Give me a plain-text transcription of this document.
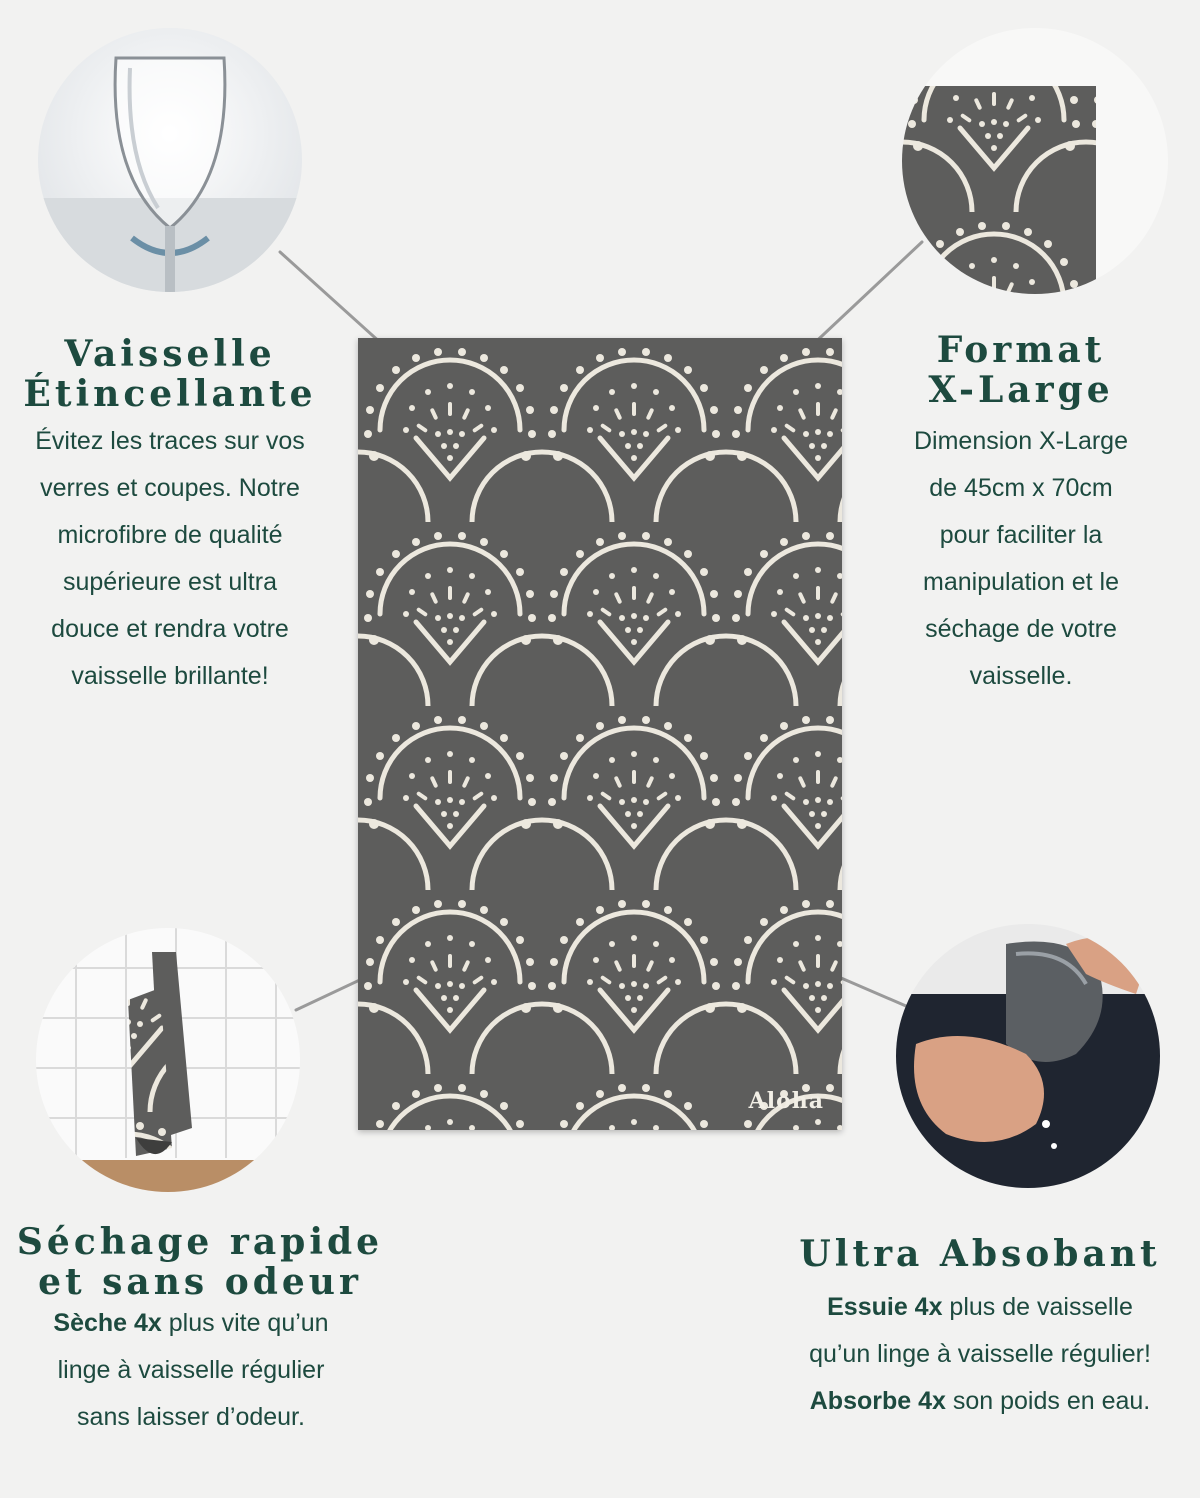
Aloha
Vaisselle
Étincellante
Évitez les traces sur vos
verres et coupes. Notre
microfibre de qualité
supérieure est ultra
douce et rendra votre
vaisselle brillante!
Format
X-Large
Dimension X-Large
de 45cm x 70cm
pour faciliter la
manipulation et le
séchage de votre
vaisselle.
Séchage rapide
et sans odeur
Sèche 4x plus vite qu’un
linge à vaisselle régulier
sans laisser d’odeur.
Ultra Absobant
Essuie 4x plus de vaisselle
qu’un linge à vaisselle régulier!
Absorbe 4x son poids en eau.
